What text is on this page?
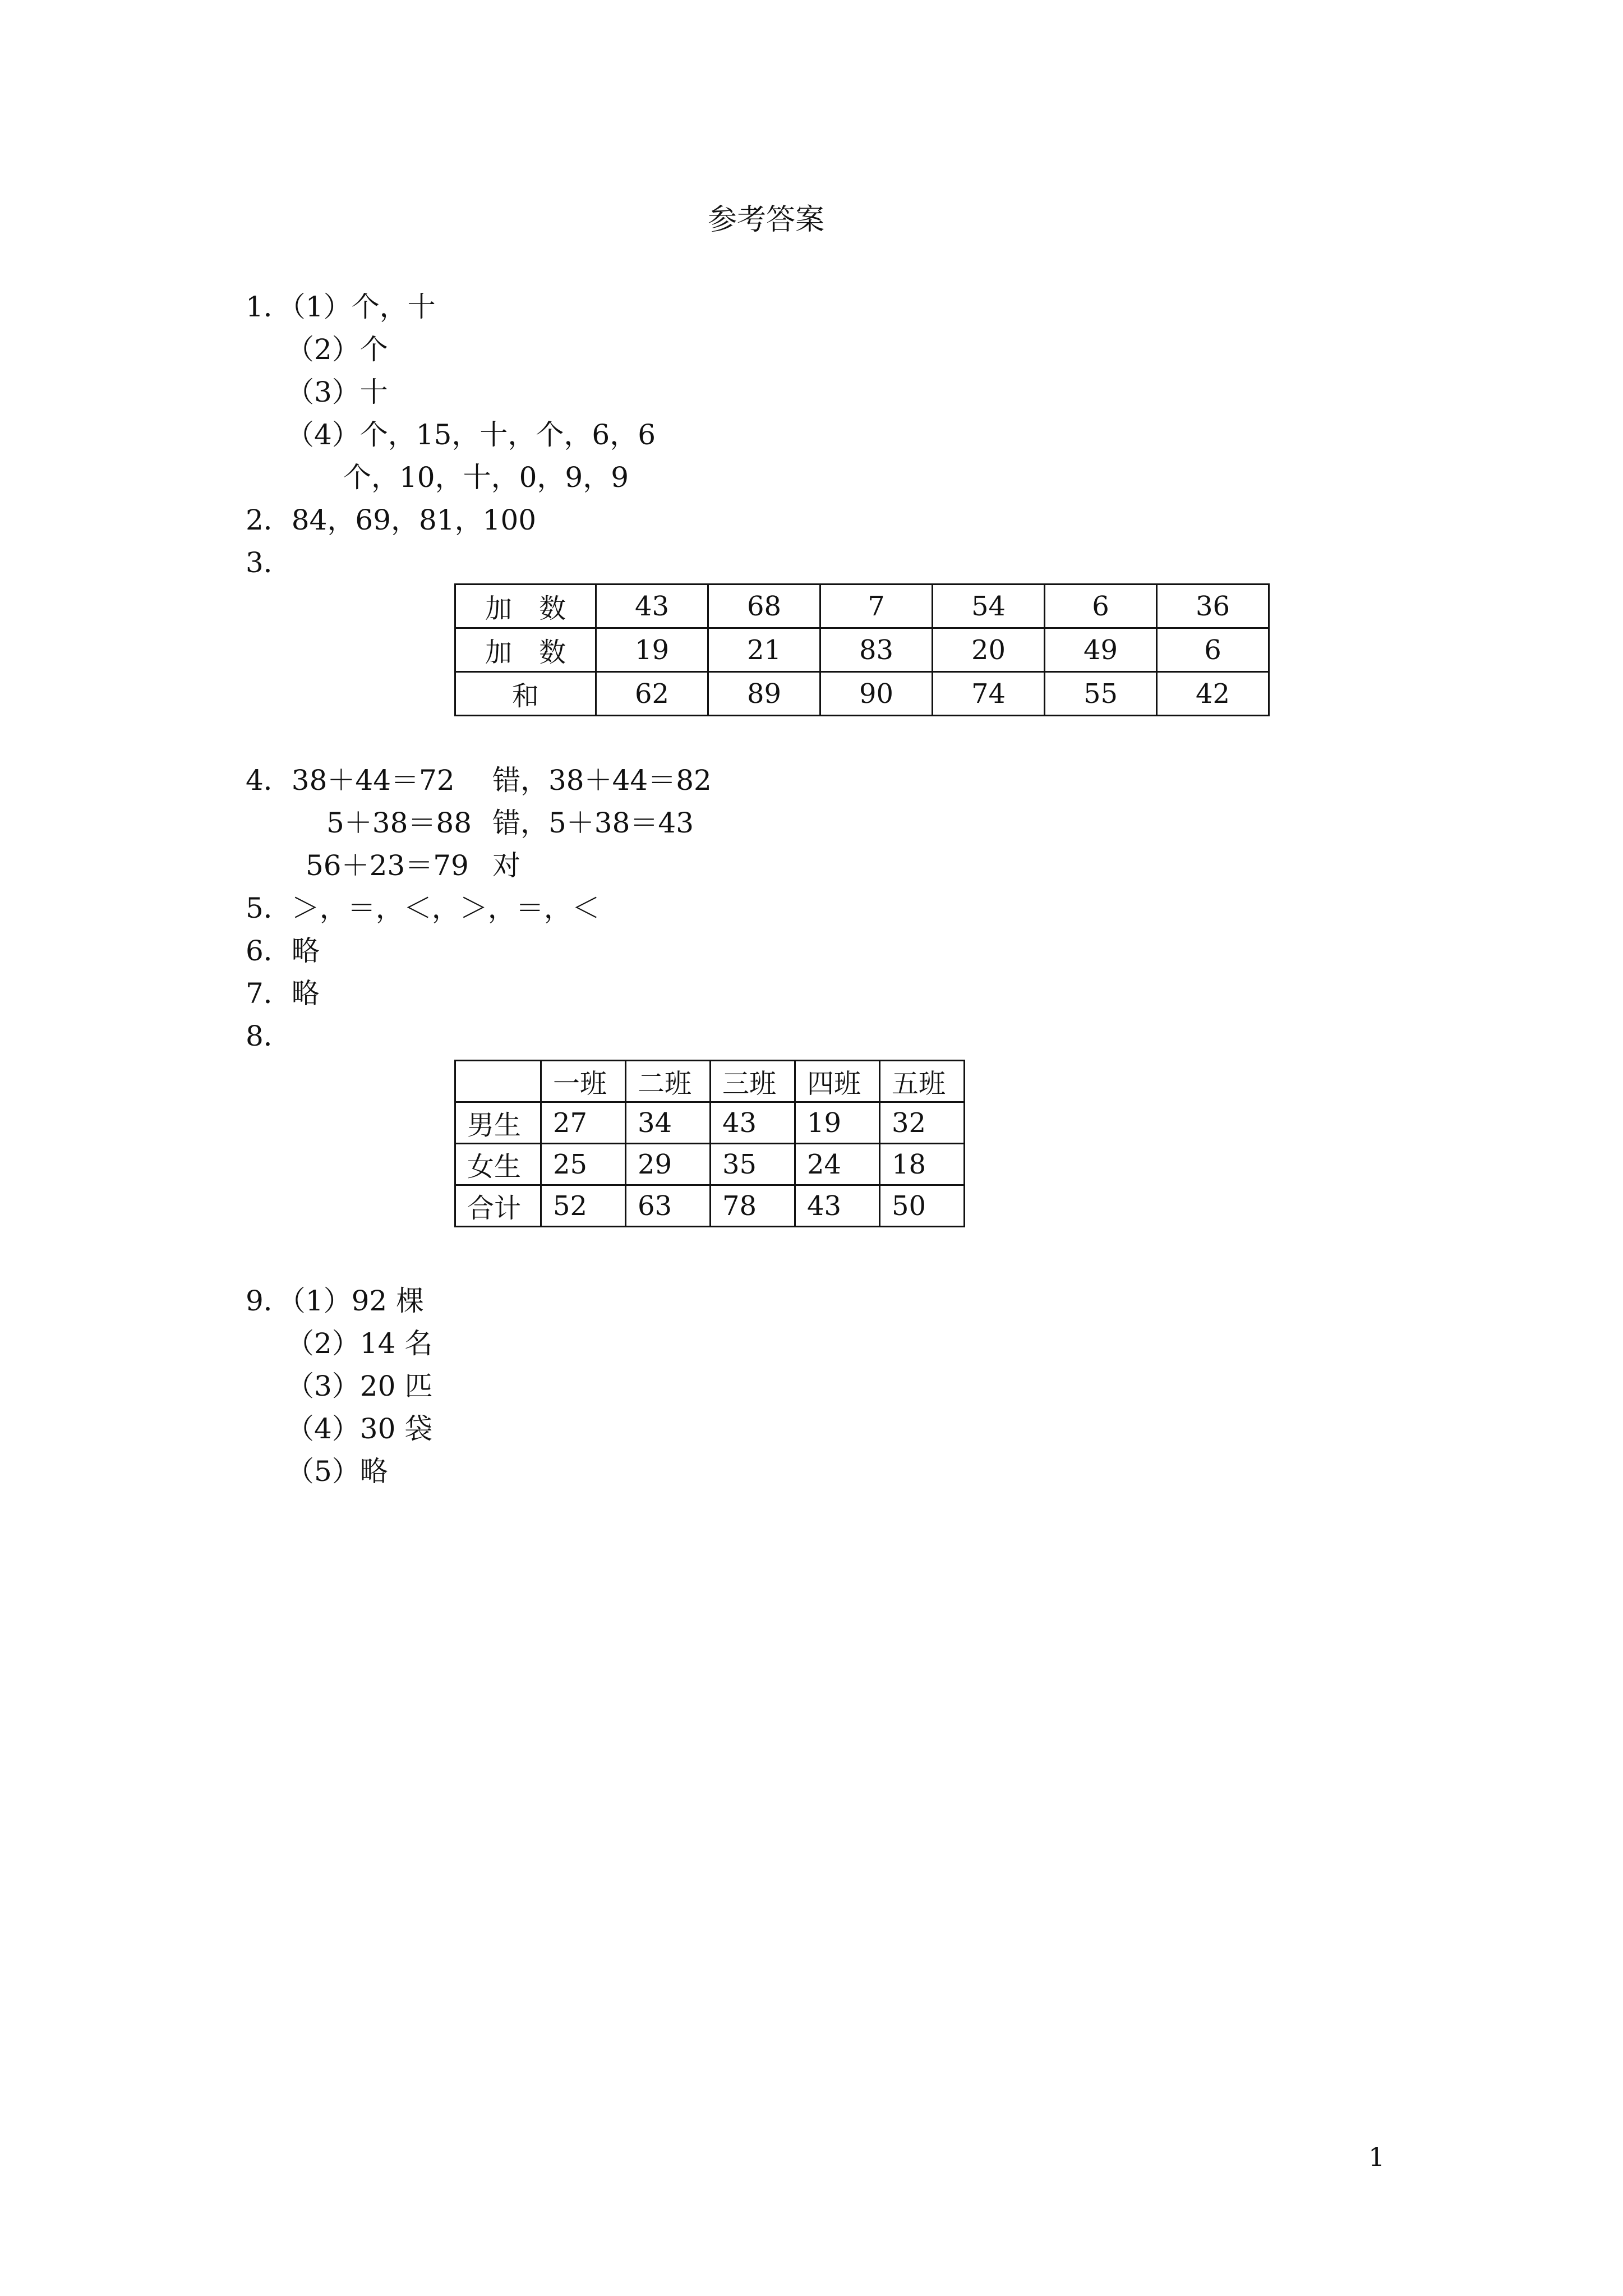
参考答案
1．（1）个，十
（2）个
（3）十
（4）个，15，十，个，6，6
个，10，十，0，9，9
2．84，69，81，100
3．
加　数	43	68	7	54	6	36
加　数	19	21	83	20	49	6
和	62	89	90	74	55	42
4．38＋44＝72 错，38＋44＝82
5＋38＝88 错，5＋38＝43
56＋23＝79 对
5．＞，＝，＜，＞，＝，＜
6．略
7．略
8．
	一班	二班	三班	四班	五班
男生	27	34	43	19	32
女生	25	29	35	24	18
合计	52	63	78	43	50
9．（1）92 棵
（2）14 名
（3）20 匹
（4）30 袋
（5）略
1
